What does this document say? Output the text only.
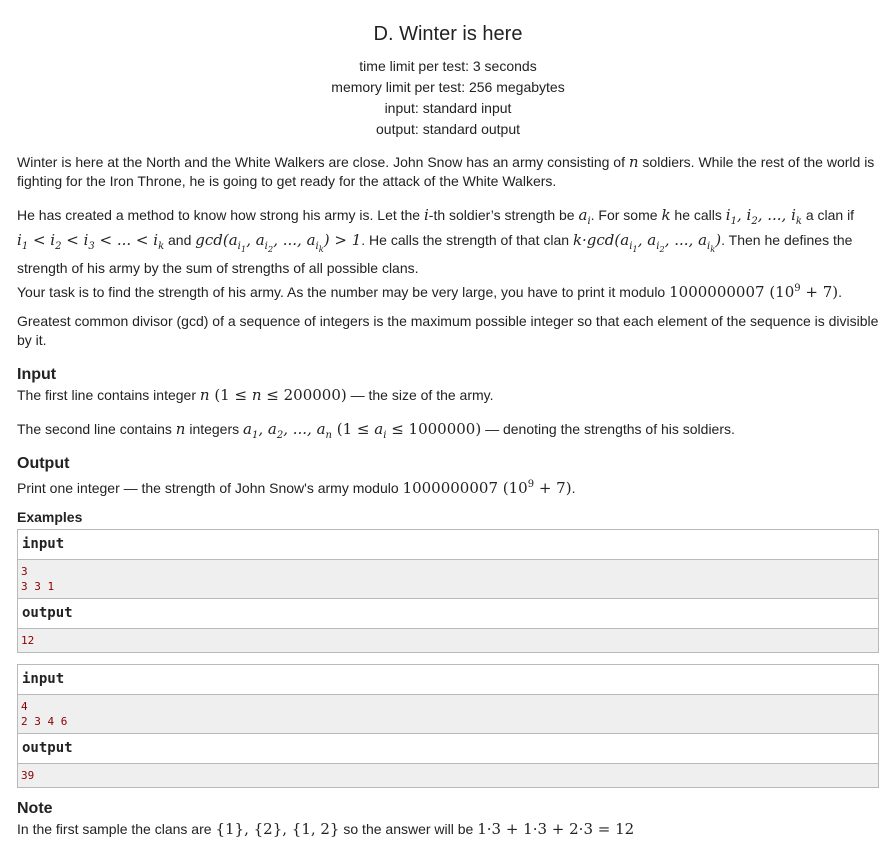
D. Winter is here
time limit per test: 3 seconds
memory limit per test: 256 megabytes
input: standard input
output: standard output

Winter is here at the North and the White Walkers are close. John Snow has an army consisting of n soldiers. While the rest of the world is fighting for the Iron Throne, he is going to get ready for the attack of the White Walkers.

He has created a method to know how strong his army is. Let the i-th soldier’s strength be $a_i$. For some k he calls $i_1$, $i_2$, ..., $i_k$ a clan if
$i_1 < i_2 < i_3$ < ... < $i_k$ and $\gcd(a_{i_1}$, $a_{i_2}$, ..., $a_{i_k}) > 1$. He calls the strength of that clan $k\cdot\gcd(a_{i_1}$, $a_{i_2}$, ..., $a_{i_k}$). Then he defines the strength of his army by the sum of strengths of all possible clans.

Your task is to find the strength of his army. As the number may be very large, you have to print it modulo 1000000007 $(10^9 + 7)$.

Greatest common divisor (gcd) of a sequence of integers is the maximum possible integer so that each element of the sequence is divisible by it.

Input

The first line contains integer n (1 ≤ n ≤ 200000) — the size of the army.

The second line contains n integers $a_1$, $a_2$, ..., $a_n$ $(1 \le a_i \le 1000000)$ — denoting the strengths of his soldiers.

Output

Print one integer — the strength of John Snow's army modulo 1000000007 $(10^9 + 7)$.

Examples
input
3
3 3 1
output
12
input
4
2 3 4 6
output
39
Note

In the first sample the clans are {1}, {2}, {1, 2} so the answer will be 1·3 + 1·3 + 2·3 = 12
